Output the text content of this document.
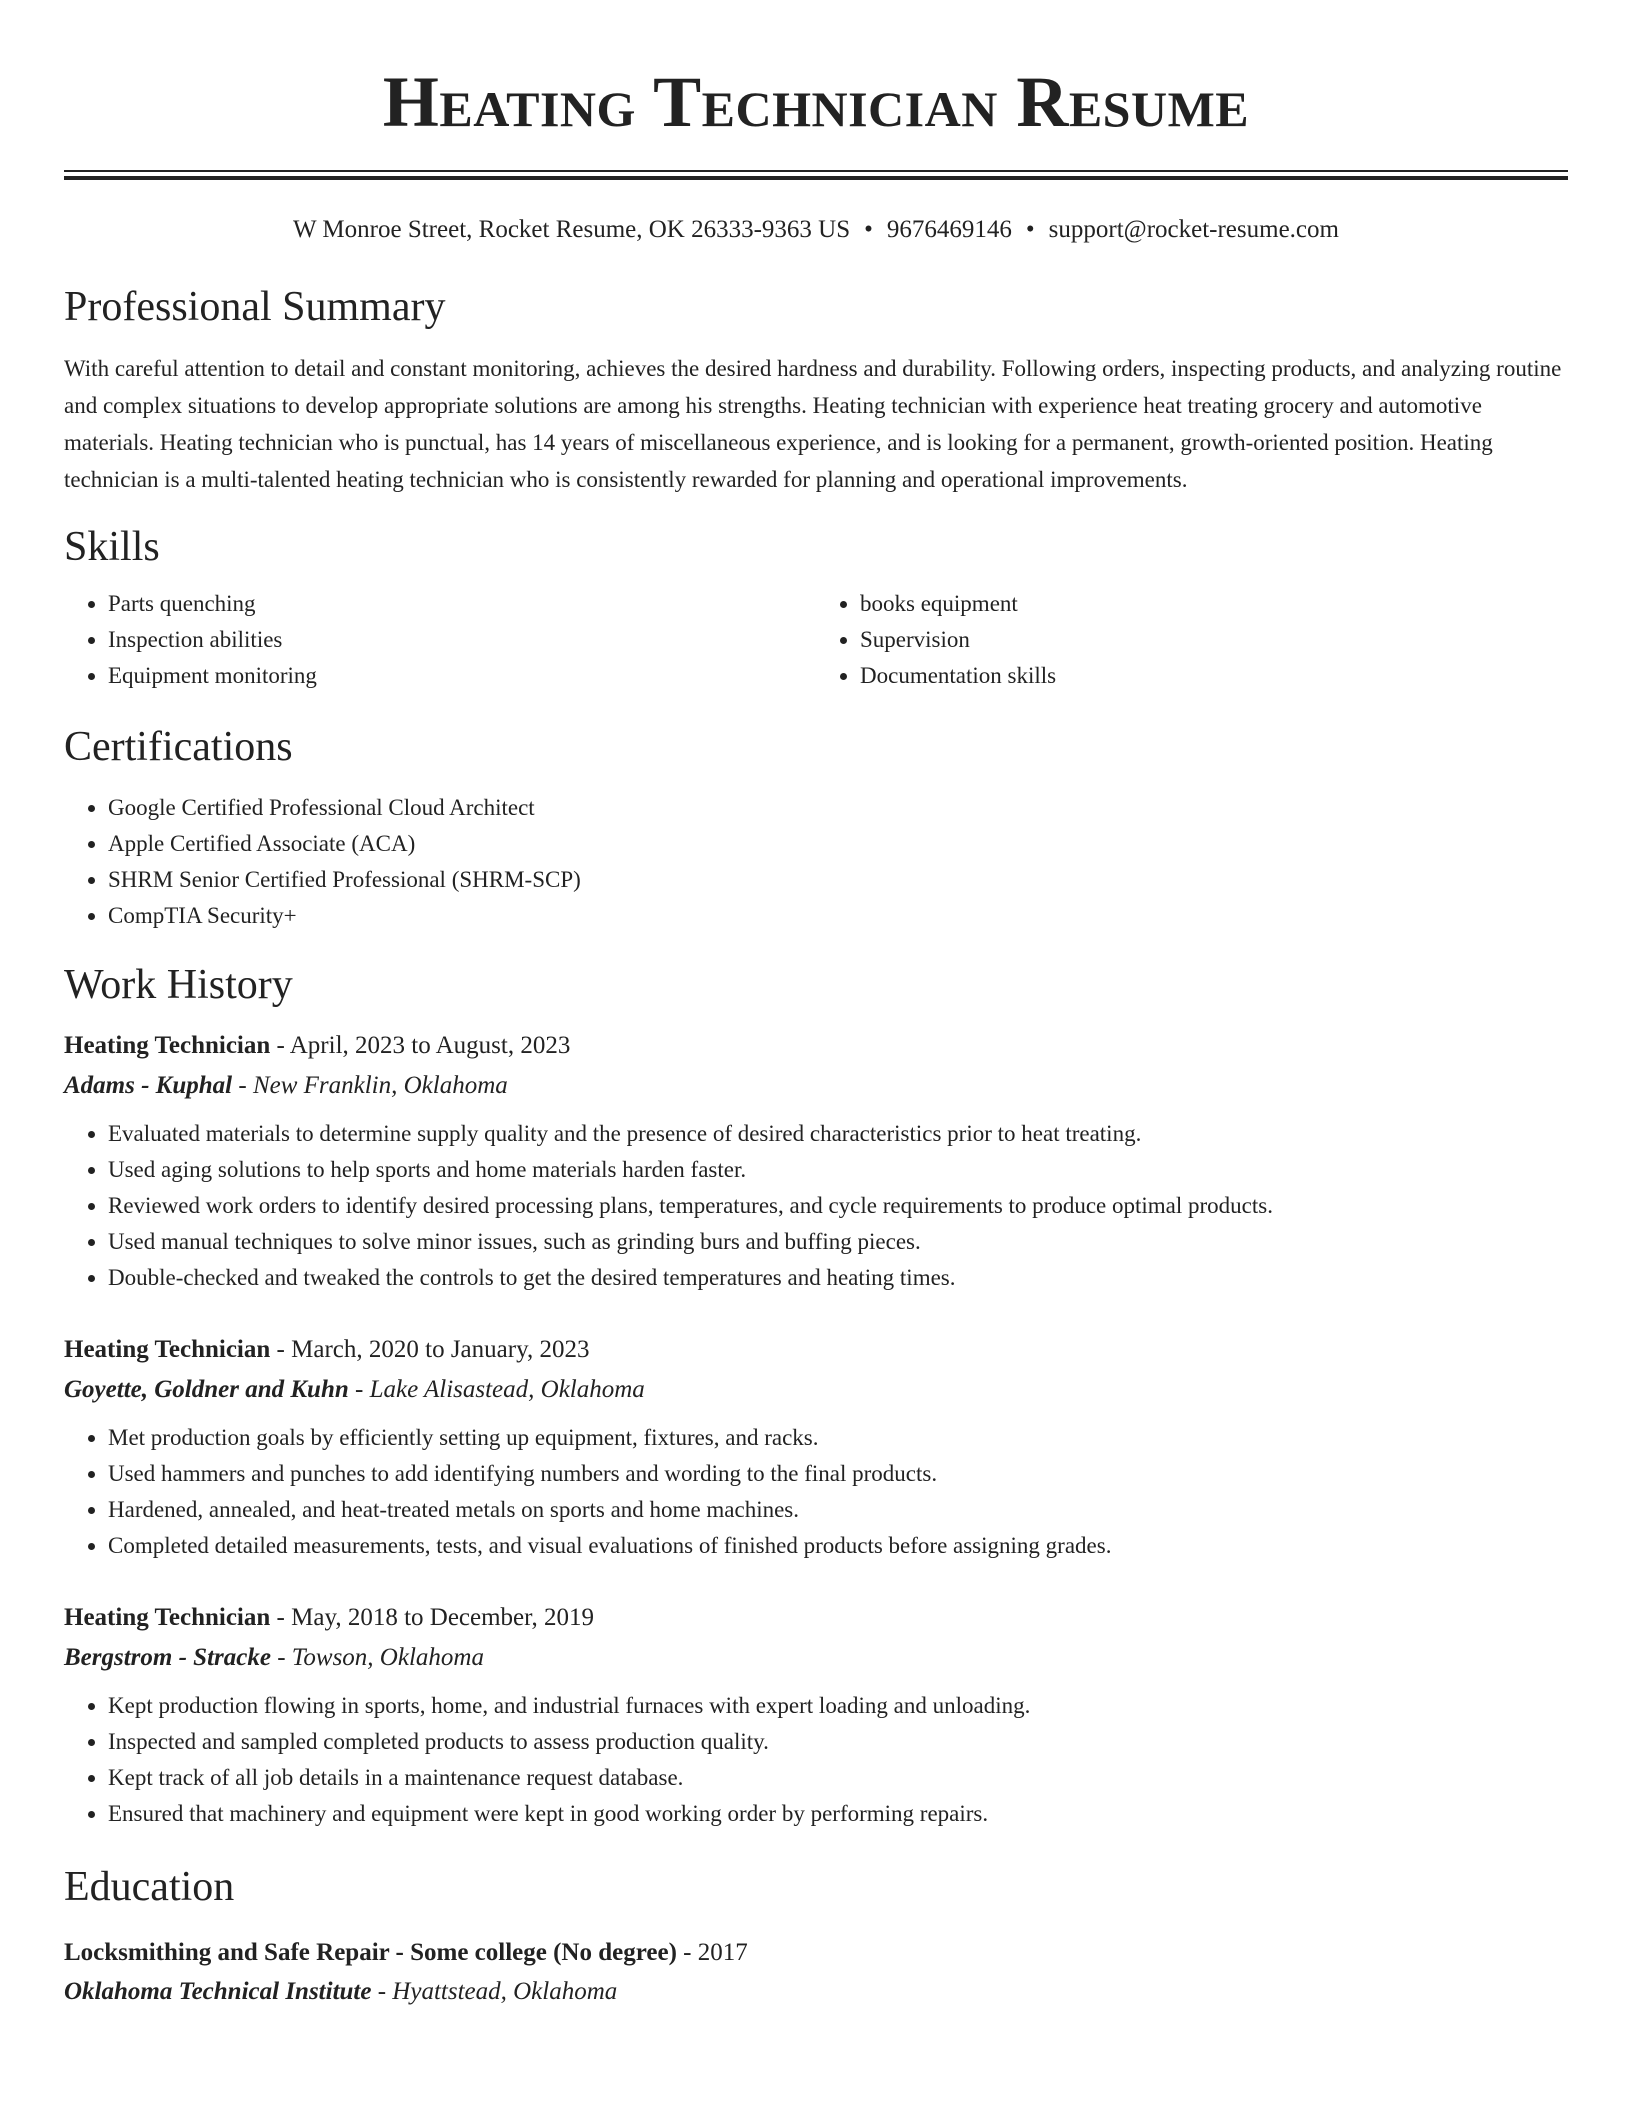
Heating Technician Resume
W Monroe Street, Rocket Resume, OK 26333-9363 US • 9676469146 • support@rocket-resume.com
Professional Summary

With careful attention to detail and constant monitoring, achieves the desired hardness and durability. Following orders, inspecting products, and analyzing routine and complex situations to develop appropriate solutions are among his strengths. Heating technician with experience heat treating grocery and automotive materials. Heating technician who is punctual, has 14 years of miscellaneous experience, and is looking for a permanent, growth-oriented position. Heating technician is a multi-talented heating technician who is consistently rewarded for planning and operational improvements.

Skills
• Parts quenching
• Inspection abilities
• Equipment monitoring
• books equipment
• Supervision
• Documentation skills
Certifications
• Google Certified Professional Cloud Architect
• Apple Certified Associate (ACA)
• SHRM Senior Certified Professional (SHRM-SCP)
• CompTIA Security+
Work History
Heating Technician - April, 2023 to August, 2023
Adams - Kuphal - New Franklin, Oklahoma
• Evaluated materials to determine supply quality and the presence of desired characteristics prior to heat treating.
• Used aging solutions to help sports and home materials harden faster.
• Reviewed work orders to identify desired processing plans, temperatures, and cycle requirements to produce optimal products.
• Used manual techniques to solve minor issues, such as grinding burs and buffing pieces.
• Double-checked and tweaked the controls to get the desired temperatures and heating times.
Heating Technician - March, 2020 to January, 2023
Goyette, Goldner and Kuhn - Lake Alisastead, Oklahoma
• Met production goals by efficiently setting up equipment, fixtures, and racks.
• Used hammers and punches to add identifying numbers and wording to the final products.
• Hardened, annealed, and heat-treated metals on sports and home machines.
• Completed detailed measurements, tests, and visual evaluations of finished products before assigning grades.
Heating Technician - May, 2018 to December, 2019
Bergstrom - Stracke - Towson, Oklahoma
• Kept production flowing in sports, home, and industrial furnaces with expert loading and unloading.
• Inspected and sampled completed products to assess production quality.
• Kept track of all job details in a maintenance request database.
• Ensured that machinery and equipment were kept in good working order by performing repairs.
Education
Locksmithing and Safe Repair - Some college (No degree) - 2017
Oklahoma Technical Institute - Hyattstead, Oklahoma
